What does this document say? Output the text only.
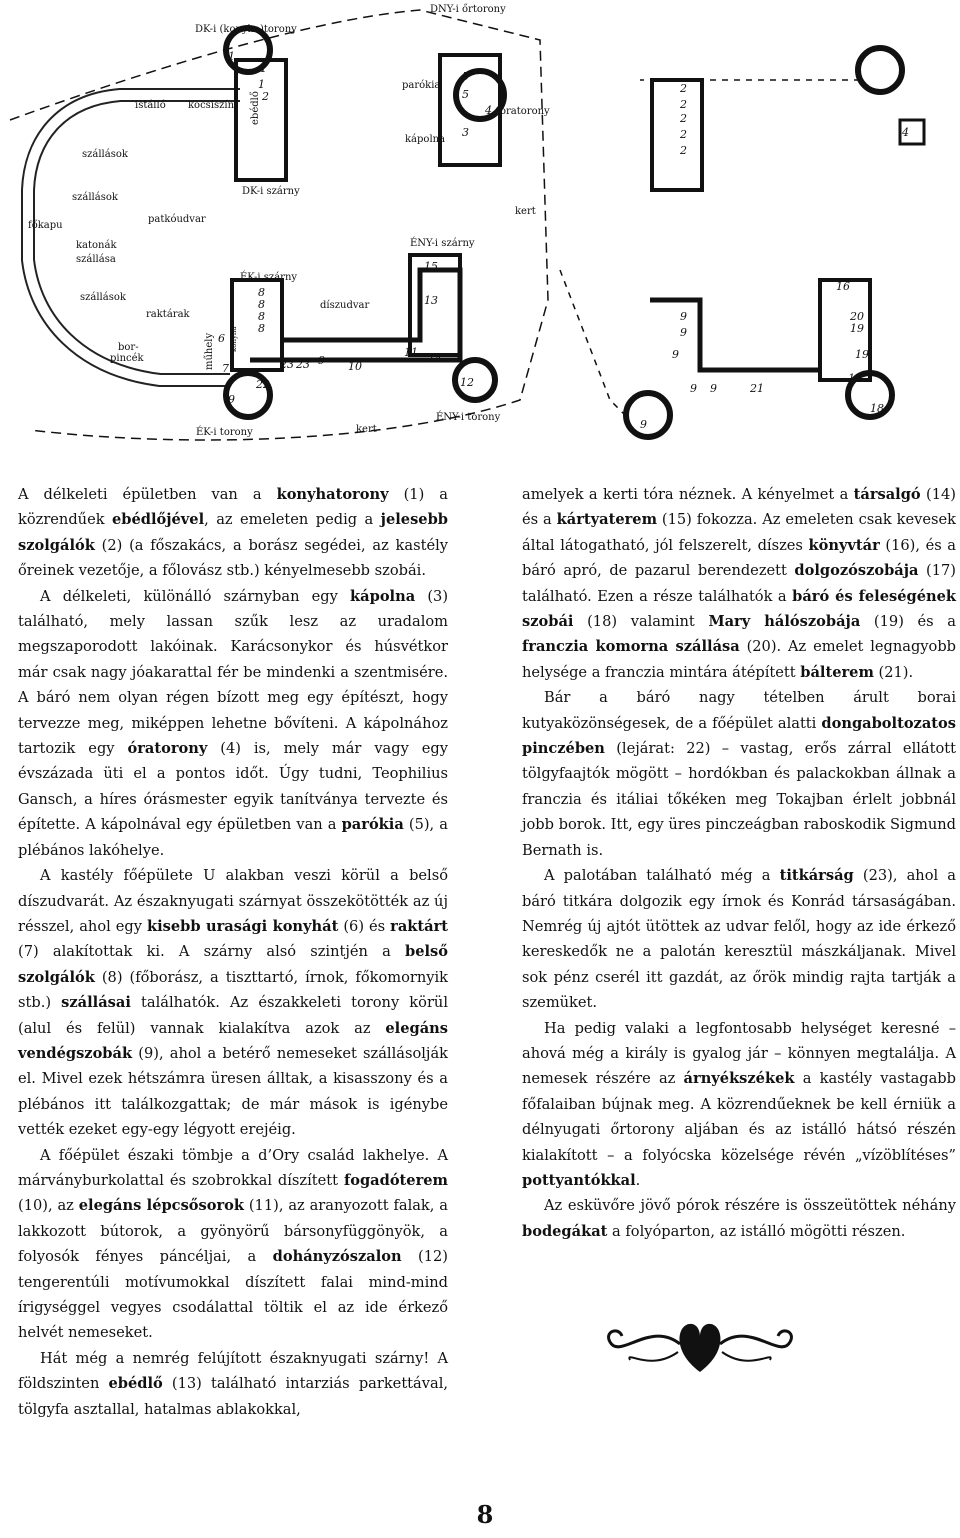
DK-i (konyha)torony
DNY-i őrtorony
istálló kocsiszín ebédlő
parókia
kápolna
óratorony
szállások
szállások
DK-i szárny
kert
főkapu
patkóudvar
katonák
szállása
ÉNY-i szárny
ÉK-i szárny
díszudvar
szállások
raktárak
bor-
pincék	műhely konyha
ÉK-i torony	kert
ÉNY-i torony
1
1
1
2
5
5
3
4
2
2
2
2
2
4
15
13
8
8
8
8
6
7
9
22
23 23 9 10
11 14
12
16
9
9
9
20
19
19
9 9	21
18
18
9

A délkeleti épületben van a konyhatorony (1) a közrendűek ebédlőjével, az emeleten pedig a jelesebb szolgálók (2) (a főszakács, a borász segédei, az kastély őreinek vezetője, a főlovász stb.) kényelmesebb szobái.

A délkeleti, különálló szárnyban egy kápolna (3) található, mely lassan szűk lesz az uradalom megszaporodott lakóinak. Karácsonykor és húsvétkor már csak nagy jóakarattal fér be mindenki a szentmisére. A báró nem olyan régen bízott meg egy építészt, hogy tervezze meg, miképpen lehetne bővíteni. A kápolnához tartozik egy óratorony (4) is, mely már vagy egy évszázada üti el a pontos időt. Úgy tudni, Teophilius Gansch, a híres órásmester egyik tanítványa tervezte és építette. A kápolnával egy épületben van a parókia (5), a plébános lakóhelye.

A kastély főépülete U alakban veszi körül a belső díszudvarát. Az északnyugati szárnyat összekötötték az új résszel, ahol egy kisebb urasági konyhát (6) és raktárt (7) alakítottak ki. A szárny alsó szintjén a belső szolgálók (8) (főborász, a tiszttartó, írnok, főkomornyik stb.) szállásai találhatók. Az északkeleti torony körül (alul és felül) vannak kialakítva azok az elegáns vendégszobák (9), ahol a betérő nemeseket szállásolják el. Mivel ezek hétszámra üresen álltak, a kisasszony és a plébános itt találkozgattak; de már mások is igénybe vették ezeket egy-egy légyott erejéig.

A főépület északi tömbje a d’Ory család lakhelye. A márványburkolattal és szobrokkal díszített fogadóterem (10), az elegáns lépcsősorok (11), az aranyozott falak, a lakkozott bútorok, a gyönyörű bársonyfüggönyök, a folyosók fényes páncéljai, a dohányzószalon (12) tengerentúli motívumokkal díszített falai mind-mind írigységgel vegyes csodálattal töltik el az ide érkező helvét nemeseket.

Hát még a nemrég felújított északnyugati szárny! A földszinten ebédlő (13) található intarziás parkettával, tölgyfa asztallal, hatalmas ablakokkal,

amelyek a kerti tóra néznek. A kényelmet a társalgó (14) és a kártyaterem (15) fokozza. Az emeleten csak kevesek által látogatható, jól felszerelt, díszes könyvtár (16), és a báró apró, de pazarul berendezett dolgozószobája (17) található. Ezen a része találhatók a báró és feleségének szobái (18) valamint Mary hálószobája (19) és a franczia komorna szállása (20). Az emelet legnagyobb helysége a franczia mintára átépített bálterem (21).

Bár a báró nagy tételben árult borai kutyaközönségesek, de a főépület alatti dongaboltozatos pinczében (lejárat: 22) – vastag, erős zárral ellátott tölgyfaajtók mögött – hordókban és palackokban állnak a franczia és itáliai tőkéken meg Tokajban érlelt jobbnál jobb borok. Itt, egy üres pinczeágban raboskodik Sigmund Bernath is.

A palotában található még a titkárság (23), ahol a báró titkára dolgozik egy írnok és Konrád társaságában. Nemrég új ajtót ütöttek az udvar felől, hogy az ide érkező kereskedők ne a palotán keresztül mászkáljanak. Mivel sok pénz cserél itt gazdát, az őrök mindig rajta tartják a szemüket.

Ha pedig valaki a legfontosabb helységet keresné – ahová még a király is gyalog jár – könnyen megtalálja. A nemesek részére az árnyékszékek a kastély vastagabb főfalaiban bújnak meg. A közrendűeknek be kell érniük a délnyugati őrtorony aljában és az istálló hátsó részén kialakított – a folyócska közelsége révén „vízöblítéses” pottyantókkal.

Az esküvőre jövő pórok részére is összeütöttek néhány bodegákat a folyóparton, az istálló mögötti részen.

8
